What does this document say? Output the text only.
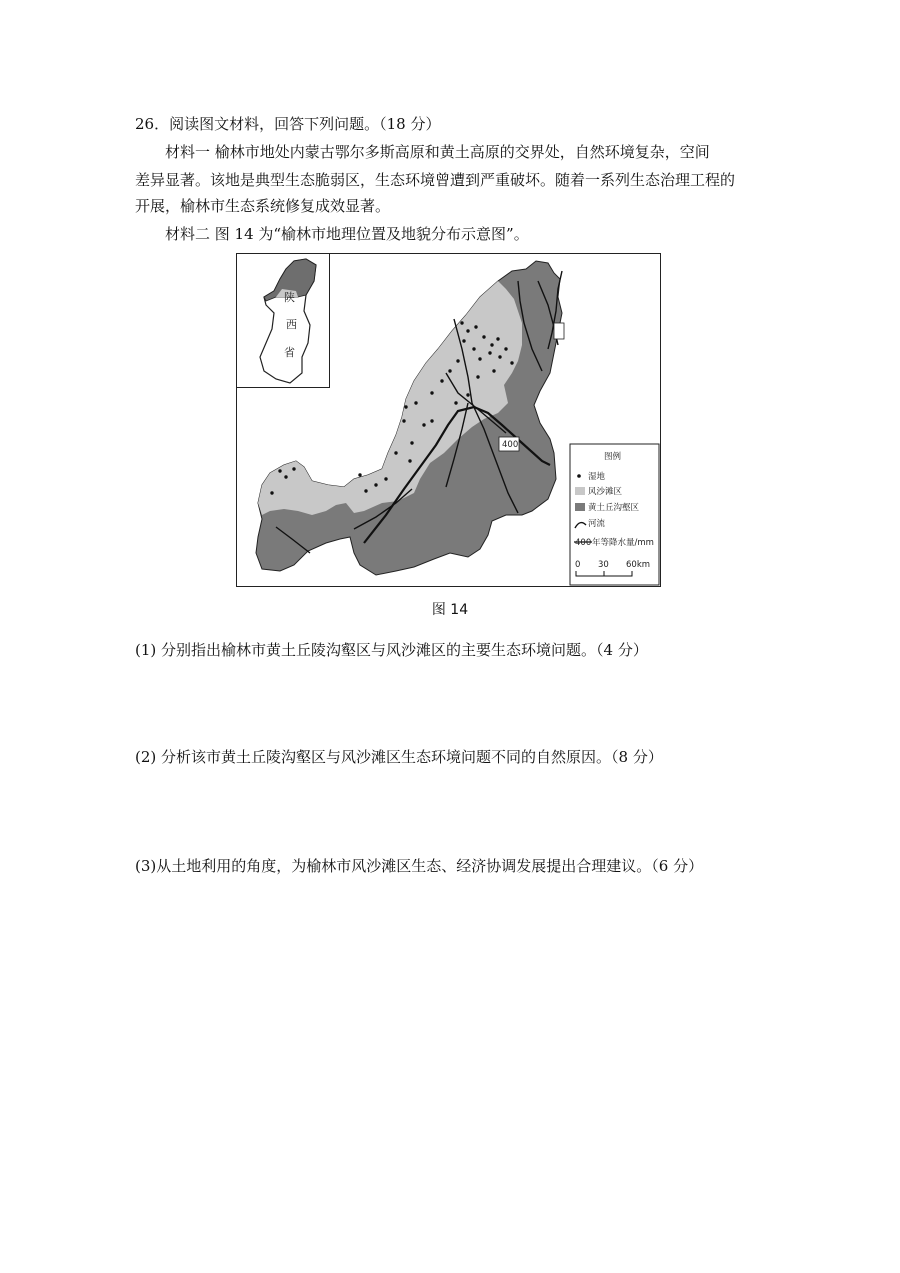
26．阅读图文材料，回答下列问题。（18 分）
材料一 榆林市地处内蒙古鄂尔多斯高原和黄土高原的交界处，自然环境复杂，空间
差异显著。该地是典型生态脆弱区，生态环境曾遭到严重破坏。随着一系列生态治理工程的
开展，榆林市生态系统修复成效显著。
材料二 图 14 为“榆林市地理位置及地貌分布示意图”。
陕
西
省
400
图例
湿地
风沙滩区
黄土丘沟壑区
河流
400 年等降水量/mm
0 30 60km
图 14
(1) 分别指出榆林市黄土丘陵沟壑区与风沙滩区的主要生态环境问题。（4 分）
(2) 分析该市黄土丘陵沟壑区与风沙滩区生态环境问题不同的自然原因。（8 分）
(3)从土地利用的角度，为榆林市风沙滩区生态、经济协调发展提出合理建议。（6 分）
